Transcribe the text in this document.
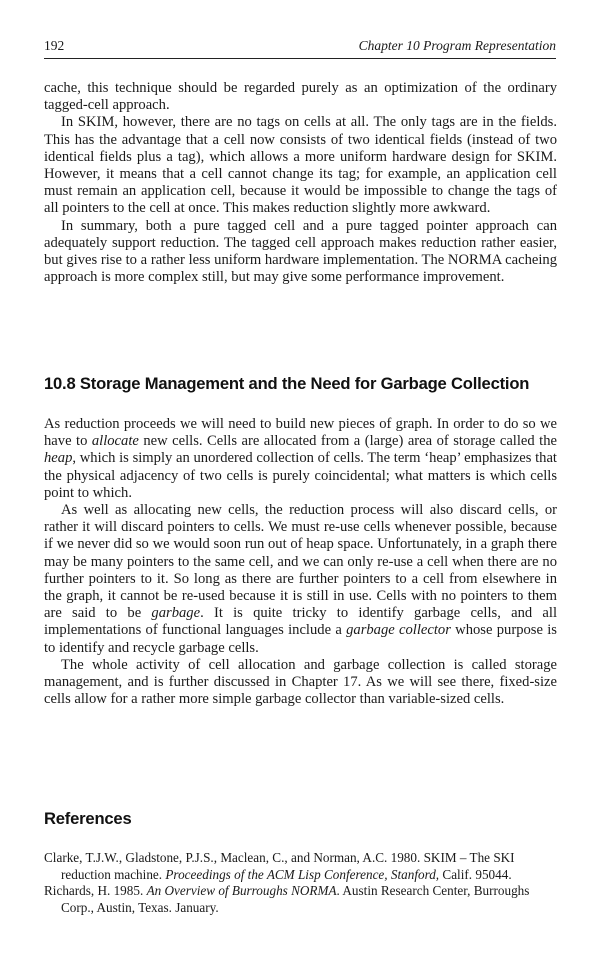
192	Chapter 10 Program Representation

cache, this technique should be regarded purely as an optimization of the ordinary tagged-cell approach.

In SKIM, however, there are no tags on cells at all. The only tags are in the fields. This has the advantage that a cell now consists of two identical fields (instead of two identical fields plus a tag), which allows a more uniform hardware design for SKIM. However, it means that a cell cannot change its tag; for example, an application cell must remain an application cell, because it would be impossible to change the tags of all pointers to the cell at once. This makes reduction slightly more awkward.

In summary, both a pure tagged cell and a pure tagged pointer approach can adequately support reduction. The tagged cell approach makes reduction rather easier, but gives rise to a rather less uniform hardware implementation. The NORMA cacheing approach is more complex still, but may give some performance improvement.

10.8 Storage Management and the Need for Garbage Collection

As reduction proceeds we will need to build new pieces of graph. In order to do so we have to allocate new cells. Cells are allocated from a (large) area of storage called the heap, which is simply an unordered collection of cells. The term ‘heap’ emphasizes that the physical adjacency of two cells is purely coincidental; what matters is which cells point to which.

As well as allocating new cells, the reduction process will also discard cells, or rather it will discard pointers to cells. We must re-use cells whenever possible, because if we never did so we would soon run out of heap space. Unfortunately, in a graph there may be many pointers to the same cell, and we can only re-use a cell when there are no further pointers to it. So long as there are further pointers to a cell from elsewhere in the graph, it cannot be re-used because it is still in use. Cells with no pointers to them are said to be garbage. It is quite tricky to identify garbage cells, and all implementations of functional languages include a garbage collector whose purpose is to identify and recycle garbage cells.

The whole activity of cell allocation and garbage collection is called storage management, and is further discussed in Chapter 17. As we will see there, fixed-size cells allow for a rather more simple garbage collector than variable-sized cells.

References

Clarke, T.J.W., Gladstone, P.J.S., Maclean, C., and Norman, A.C. 1980. SKIM – The SKI reduction machine. Proceedings of the ACM Lisp Conference, Stanford, Calif. 95044.

Richards, H. 1985. An Overview of Burroughs NORMA. Austin Research Center, Burroughs Corp., Austin, Texas. January.
